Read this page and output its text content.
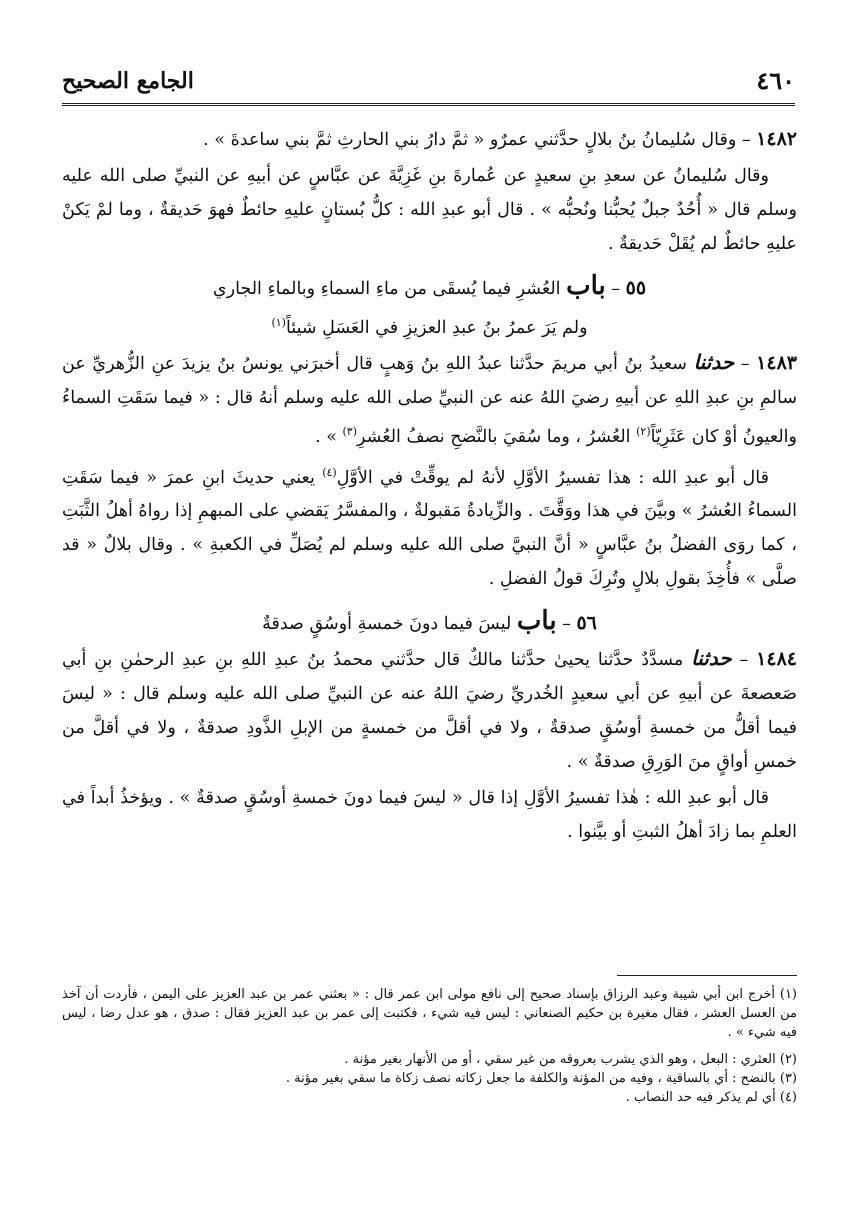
٤٦٠
الجامع الصحيح

١٤٨٢ – وقال سُليمانُ بنُ بلالٍ حدَّثني عمرٌو « ثمَّ دارُ بني الحارثِ ثمَّ بني ساعدةَ » .

وقال سُليمانُ عن سعدِ بنِ سعيدٍ عن عُمارةَ بنِ غَزِيَّةَ عن عبَّاسٍ عن أبيهِ عن النبيِّ صلى الله عليه وسلم قال « أُحُدٌ جبلٌ يُحبُّنا ونُحبُّه » . قال أبو عبدِ الله : كلُّ بُستانٍ عليهِ حائطٌ فهوَ حَديقةٌ ، وما لمْ يَكنْ عليهِ حائطٌ لم يُقَلْ حَديقةٌ .

٥٥ – باب العُشرِ فيما يُسقَى من ماءِ السماءِ وبالماءِ الجاري

ولم يَرَ عمرُ بنُ عبدِ العزيزِ في العَسَلِ شيئاً$^{(١)}$

١٤٨٣ – حدثنا سعيدُ بنُ أبي مريمَ حدَّثنا عبدُ اللهِ بنُ وَهبٍ قال أخبرَني يونسُ بنُ يزيدَ عنِ الزُّهريِّ عن سالمِ بنِ عبدِ اللهِ عن أبيهِ رضيَ اللهُ عنه عن النبيِّ صلى الله عليه وسلم أنهُ قال : « فيما سَقَتِ السماءُ والعيونُ أوْ كان عَثَرِيّاً$^{(٢)}$ العُشرُ ، وما سُقيَ بالنَّضحِ نصفُ العُشرِ$^{(٣)}$ » .

قال أبو عبدِ الله : هذا تفسيرُ الأوَّلِ لأنهُ لم يوقِّتْ في الأوَّلِ$^{(٤)}$ يعني حديثَ ابنِ عمرَ « فيما سَقَتِ السماءُ العُشرُ » وبيَّنَ في هذا ووَقَّتَ . والزِّيادةُ مَقبولةٌ ، والمفسَّرُ يَقضي على المبهمِ إذا رواهُ أهلُ الثَّبَتِ ، كما روَى الفضلُ بنُ عبَّاسٍ « أنَّ النبيَّ صلى الله عليه وسلم لم يُصَلِّ في الكعبةِ » . وقال بلالٌ « قد صلَّى » فأُخِذَ بقولِ بلالٍ وتُرِكَ قولُ الفضلِ .

٥٦ – باب ليسَ فيما دونَ خمسةِ أوسُقٍ صدقةٌ

١٤٨٤ – حدثنا مسدَّدٌ حدَّثنا يحيىٰ حدَّثنا مالكٌ قال حدَّثني محمدُ بنُ عبدِ اللهِ بنِ عبدِ الرحمٰنِ بنِ أبي صَعصعةَ عن أبيهِ عن أبي سعيدٍ الخُدريِّ رضيَ اللهُ عنه عن النبيِّ صلى الله عليه وسلم قال : « ليسَ فيما أقلُّ من خمسةِ أوسُقٍ صدقةٌ ، ولا في أقلَّ من خمسةٍ من الإبلِ الذَّودِ صدقةٌ ، ولا في أقلَّ من خمسِ أواقٍ منَ الوَرِقِ صدقةٌ » .

قال أبو عبدِ الله : هٰذا تفسيرُ الأوَّلِ إذا قال « ليسَ فيما دونَ خمسةِ أوسُقٍ صدقةٌ » . ويؤخذُ أبداً في العلمِ بما زادَ أهلُ الثبتِ أو بيَّنوا .

(١) أخرج ابن أبي شيبة وعبد الرزاق بإسناد صحيح إلى نافع مولى ابن عمر قال : « بعثني عمر بن عبد العزيز على اليمن ، فأردت أن آخذ من العسل العشر ، فقال مغيرة بن حكيم الصنعاني : ليس فيه شيء ، فكتبت إلى عمر بن عبد العزيز فقال : صدق ، هو عدل رضا ، ليس فيه شيء » .

(٢) العثري : البعل ، وهو الذي يشرب بعروقه من غير سقي ، أو من الأنهار بغير مؤنة .

(٣) بالنضح : أي بالساقية ، وفيه من المؤنة والكلفة ما جعل زكاته نصف زكاة ما سقي بغير مؤنة .

(٤) أي لم يذكر فيه حد النصاب .
